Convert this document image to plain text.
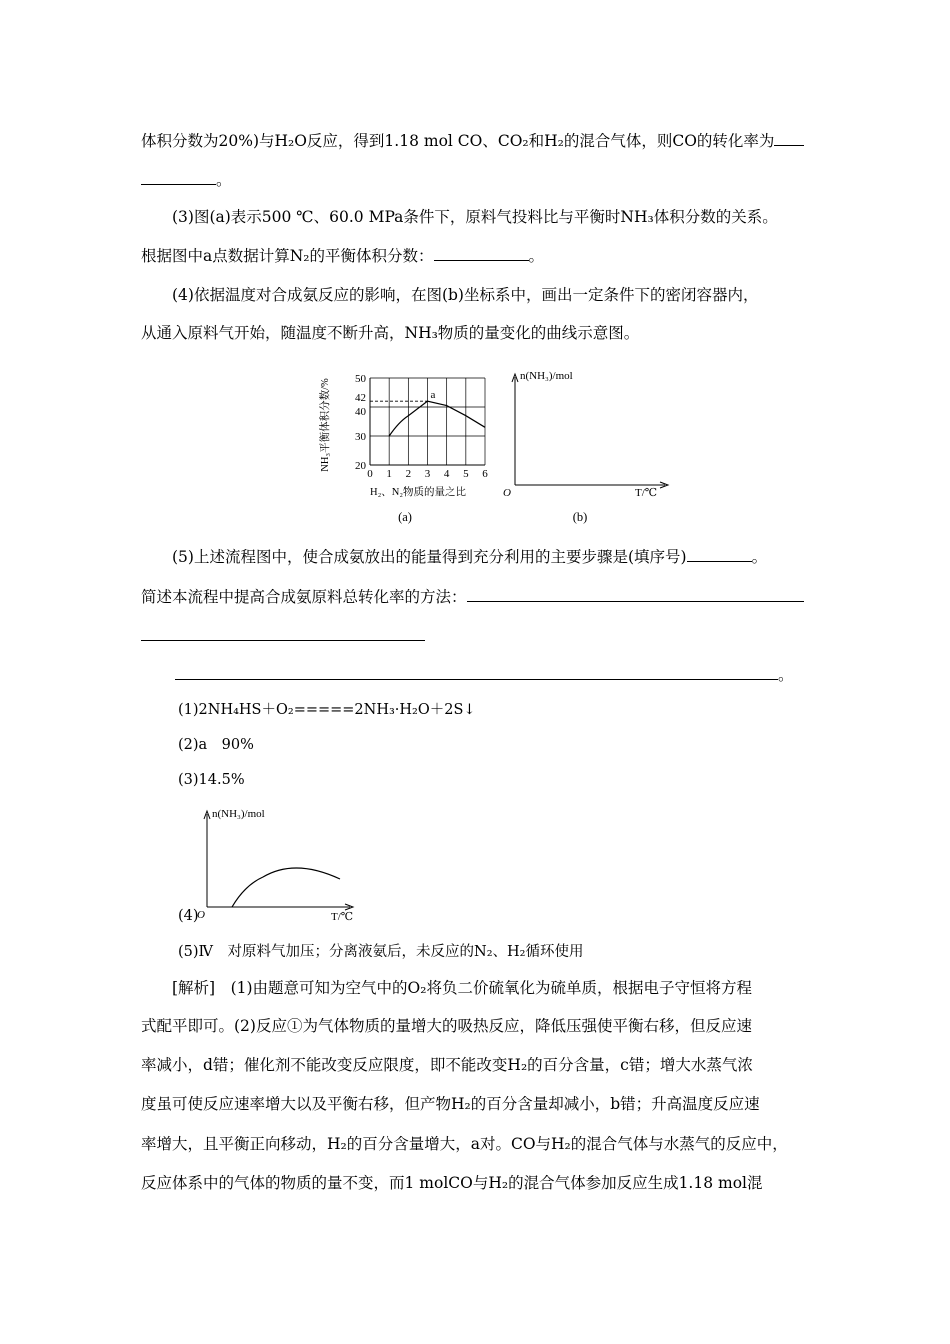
体积分数为20%)与H₂O反应，得到1.18 mol CO、CO₂和H₂的混合气体，则CO的转化率为
。
(3)图(a)表示500 ℃、60.0 MPa条件下，原料气投料比与平衡时NH₃体积分数的关系。
根据图中a点数据计算N₂的平衡体积分数：	。
(4)依据温度对合成氨反应的影响，在图(b)坐标系中，画出一定条件下的密闭容器内，
从通入原料气开始，随温度不断升高，NH₃物质的量变化的曲线示意图。
0 1 2 3 4 5 6
20
30
40
42
50
a
NH₃平衡体积分数/%
H₂、N₂物质的量之比
(a)
n(NH₃)/mol
O	T/℃
(b)
(5)上述流程图中，使合成氨放出的能量得到充分利用的主要步骤是(填序号)	。
简述本流程中提高合成氨原料总转化率的方法：
。
(1)2NH₄HS＋O₂=====2NH₃·H₂O＋2S↓
(2)a　90%
(3)14.5%
n(NH₃)/mol
O	T/℃
(4)
(5)Ⅳ　对原料气加压；分离液氨后，未反应的N₂、H₂循环使用
[解析]　(1)由题意可知为空气中的O₂将负二价硫氧化为硫单质，根据电子守恒将方程
式配平即可。(2)反应①为气体物质的量增大的吸热反应，降低压强使平衡右移，但反应速
率减小，d错；催化剂不能改变反应限度，即不能改变H₂的百分含量，c错；增大水蒸气浓
度虽可使反应速率增大以及平衡右移，但产物H₂的百分含量却减小，b错；升高温度反应速
率增大，且平衡正向移动，H₂的百分含量增大，a对。CO与H₂的混合气体与水蒸气的反应中，
反应体系中的气体的物质的量不变，而1 molCO与H₂的混合气体参加反应生成1.18 mol混
